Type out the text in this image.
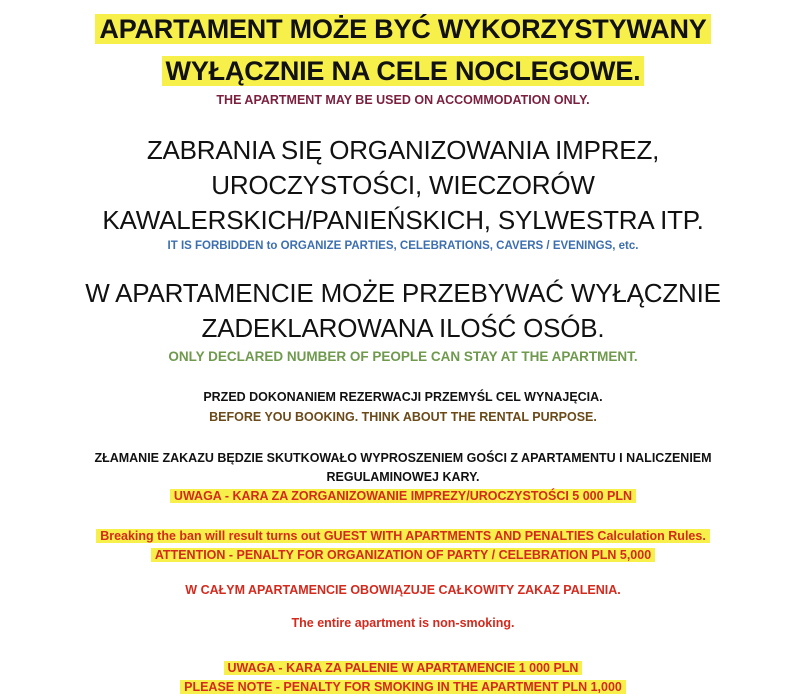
APARTAMENT MOŻE BYĆ WYKORZYSTYWANY
WYŁĄCZNIE NA CELE NOCLEGOWE.
THE APARTMENT MAY BE USED ON ACCOMMODATION ONLY.
ZABRANIA SIĘ ORGANIZOWANIA IMPREZ,
UROCZYSTOŚCI, WIECZORÓW
KAWALERSKICH/PANIEŃSKICH, SYLWESTRA ITP.
IT IS FORBIDDEN to ORGANIZE PARTIES, CELEBRATIONS, CAVERS / EVENINGS, etc.
W APARTAMENCIE MOŻE PRZEBYWAĆ WYŁĄCZNIE
ZADEKLAROWANA ILOŚĆ OSÓB.
ONLY DECLARED NUMBER OF PEOPLE CAN STAY AT THE APARTMENT.
PRZED DOKONANIEM REZERWACJI PRZEMYŚL CEL WYNAJĘCIA.
BEFORE YOU BOOKING. THINK ABOUT THE RENTAL PURPOSE.
ZŁAMANIE ZAKAZU BĘDZIE SKUTKOWAŁO WYPROSZENIEM GOŚCI Z APARTAMENTU I NALICZENIEM
REGULAMINOWEJ KARY.
UWAGA - KARA ZA ZORGANIZOWANIE IMPREZY/UROCZYSTOŚCI 5 000 PLN
Breaking the ban will result turns out GUEST WITH APARTMENTS AND PENALTIES Calculation Rules.
ATTENTION - PENALTY FOR ORGANIZATION OF PARTY / CELEBRATION PLN 5,000
W CAŁYM APARTAMENCIE OBOWIĄZUJE CAŁKOWITY ZAKAZ PALENIA.
The entire apartment is non-smoking.
UWAGA - KARA ZA PALENIE W APARTAMENCIE 1 000 PLN
PLEASE NOTE - PENALTY FOR SMOKING IN THE APARTMENT PLN 1,000
